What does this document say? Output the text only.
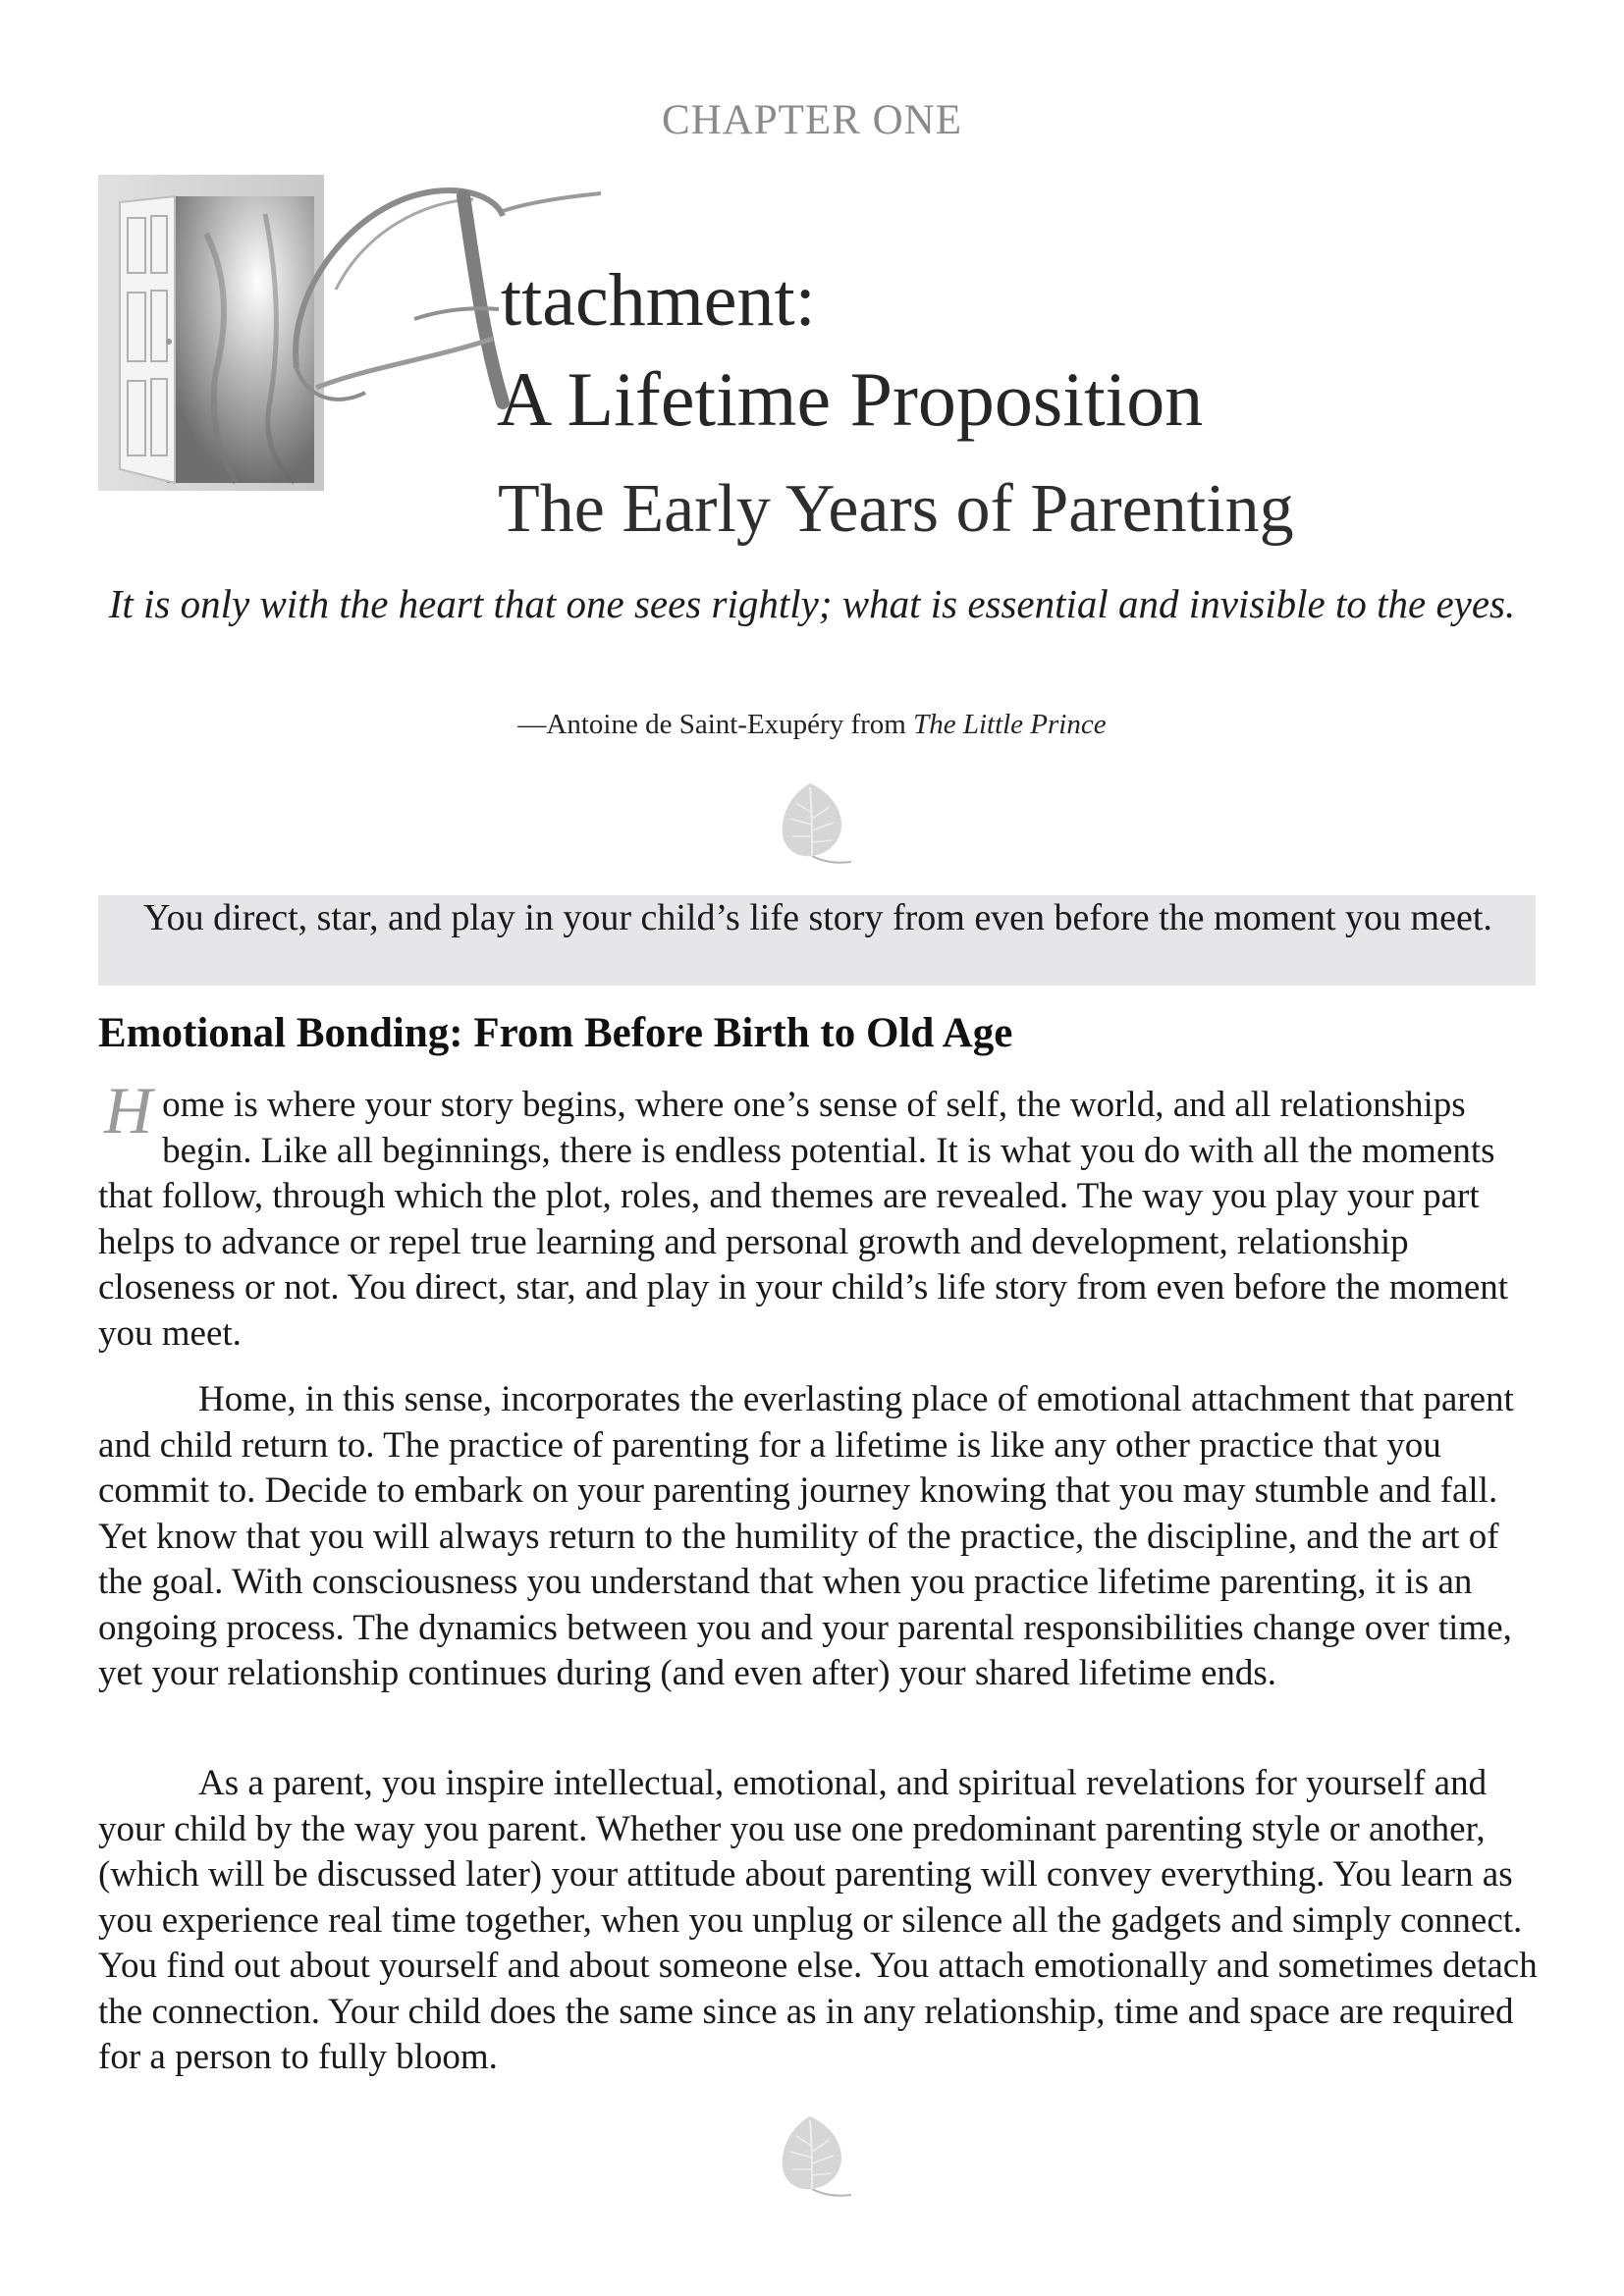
CHAPTER ONE
ttachment:
A Lifetime Proposition
The Early Years of Parenting
It is only with the heart that one sees rightly; what is essential and invisible to the eyes.
—Antoine de Saint-Exupéry from The Little Prince
You direct, star, and play in your child’s life story from even before the moment you meet.
Emotional Bonding: From Before Birth to Old Age

Home is where your story begins, where one’s sense of self, the world, and all relationships begin. Like all beginnings, there is endless potential. It is what you do with all the moments that follow, through which the plot, roles, and themes are revealed. The way you play your part helps to advance or repel true learning and personal growth and development, relationship closeness or not. You direct, star, and play in your child’s life story from even before the moment you meet.

Home, in this sense, incorporates the everlasting place of emotional attachment that parent and child return to. The practice of parenting for a lifetime is like any other practice that you commit to. Decide to embark on your parenting journey knowing that you may stumble and fall. Yet know that you will always return to the humility of the practice, the discipline, and the art of the goal. With consciousness you understand that when you practice lifetime parenting, it is an ongoing process. The dynamics between you and your parental responsibilities change over time, yet your relationship continues during (and even after) your shared lifetime ends.

As a parent, you inspire intellectual, emotional, and spiritual revelations for yourself and your child by the way you parent. Whether you use one predominant parenting style or another, (which will be discussed later) your attitude about parenting will convey everything. You learn as you experience real time together, when you unplug or silence all the gadgets and simply connect. You find out about yourself and about someone else. You attach emotionally and sometimes detach the connection. Your child does the same since as in any relationship, time and space are required for a person to fully bloom.
